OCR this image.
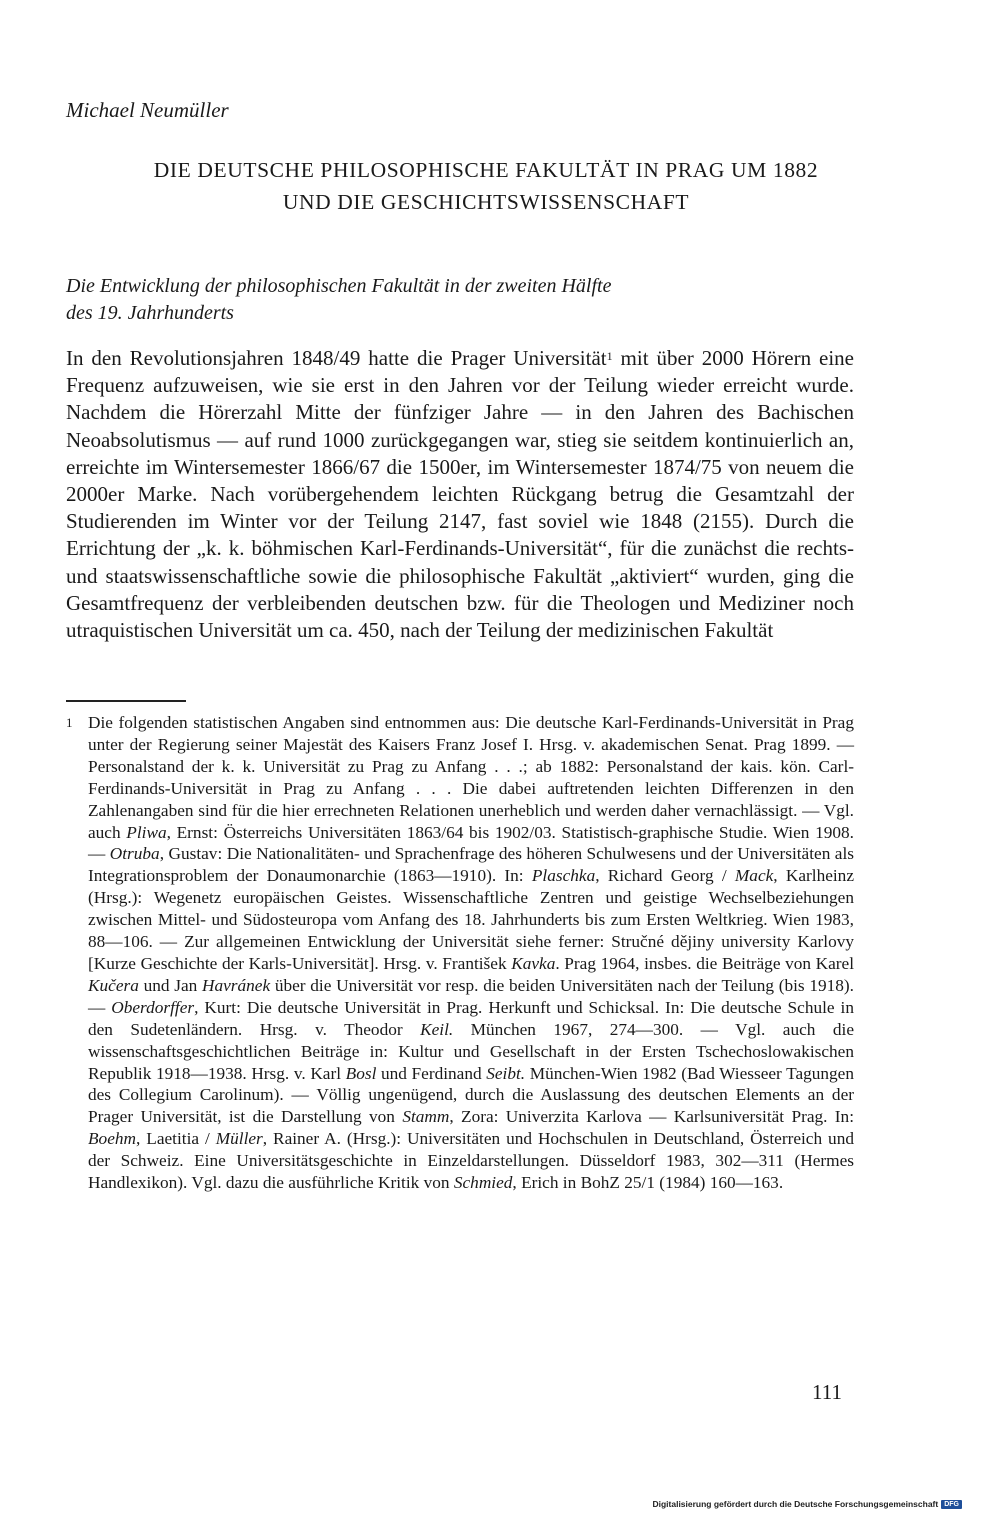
Michael Neumüller
DIE DEUTSCHE PHILOSOPHISCHE FAKULTÄT IN PRAG UM 1882
UND DIE GESCHICHTSWISSENSCHAFT
Die Entwicklung der philosophischen Fakultät in der zweiten Hälfte
des 19. Jahrhunderts

In den Revolutionsjahren 1848/49 hatte die Prager Universität$^1$ mit über 2000 Hörern eine Frequenz aufzuweisen, wie sie erst in den Jahren vor der Teilung wieder erreicht wurde. Nachdem die Hörerzahl Mitte der fünfziger Jahre — in den Jahren des Bachischen Neoabsolutismus — auf rund 1000 zurückgegangen war, stieg sie seitdem kontinuierlich an, erreichte im Wintersemester 1866/67 die 1500er, im Wintersemester 1874/75 von neuem die 2000er Marke. Nach vorübergehendem leichten Rückgang betrug die Gesamtzahl der Studierenden im Winter vor der Teilung 2147, fast soviel wie 1848 (2155). Durch die Errichtung der „k. k. böhmischen Karl-Ferdinands-Universität“, für die zunächst die rechts- und staatswissenschaftliche sowie die philosophische Fakultät „aktiviert“ wurden, ging die Gesamtfrequenz der verbleibenden deutschen bzw. für die Theologen und Mediziner noch utraquistischen Universität um ca. 450, nach der Teilung der medizinischen Fakultät

1 Die folgenden statistischen Angaben sind entnommen aus: Die deutsche Karl-Ferdinands-Universität in Prag unter der Regierung seiner Majestät des Kaisers Franz Josef I. Hrsg. v. akademischen Senat. Prag 1899. — Personalstand der k. k. Universität zu Prag zu Anfang . . .; ab 1882: Personalstand der kais. kön. Carl-Ferdinands-Universität in Prag zu Anfang . . . Die dabei auftretenden leichten Differenzen in den Zahlenangaben sind für die hier errechneten Relationen unerheblich und werden daher vernachlässigt. — Vgl. auch Pliwa, Ernst: Österreichs Universitäten 1863/64 bis 1902/03. Statistisch-graphische Studie. Wien 1908. — Otruba, Gustav: Die Nationalitäten- und Sprachenfrage des höheren Schulwesens und der Universitäten als Integrationsproblem der Donaumonarchie (1863—1910). In: Plaschka, Richard Georg / Mack, Karlheinz (Hrsg.): Wegenetz europäischen Geistes. Wissenschaftliche Zentren und geistige Wechselbeziehungen zwischen Mittel- und Südosteuropa vom Anfang des 18. Jahrhunderts bis zum Ersten Weltkrieg. Wien 1983, 88—106. — Zur allgemeinen Entwicklung der Universität siehe ferner: Stručné dějiny university Karlovy [Kurze Geschichte der Karls-Universität]. Hrsg. v. František Kavka. Prag 1964, insbes. die Beiträge von Karel Kučera und Jan Havránek über die Universität vor resp. die beiden Universitäten nach der Teilung (bis 1918). — Oberdorffer, Kurt: Die deutsche Universität in Prag. Herkunft und Schicksal. In: Die deutsche Schule in den Sudetenländern. Hrsg. v. Theodor Keil. München 1967, 274—300. — Vgl. auch die wissenschaftsgeschichtlichen Beiträge in: Kultur und Gesellschaft in der Ersten Tschechoslowakischen Republik 1918—1938. Hrsg. v. Karl Bosl und Ferdinand Seibt. München-Wien 1982 (Bad Wiesseer Tagungen des Collegium Carolinum). — Völlig ungenügend, durch die Auslassung des deutschen Elements an der Prager Universität, ist die Darstellung von Stamm, Zora: Univerzita Karlova — Karlsuniversität Prag. In: Boehm, Laetitia / Müller, Rainer A. (Hrsg.): Universitäten und Hochschulen in Deutschland, Österreich und der Schweiz. Eine Universitätsgeschichte in Einzeldarstellungen. Düsseldorf 1983, 302—311 (Hermes Handlexikon). Vgl. dazu die ausführliche Kritik von Schmied, Erich in BohZ 25/1 (1984) 160—163.
111
Digitalisierung gefördert durch die Deutsche Forschungsgemeinschaft DFG
